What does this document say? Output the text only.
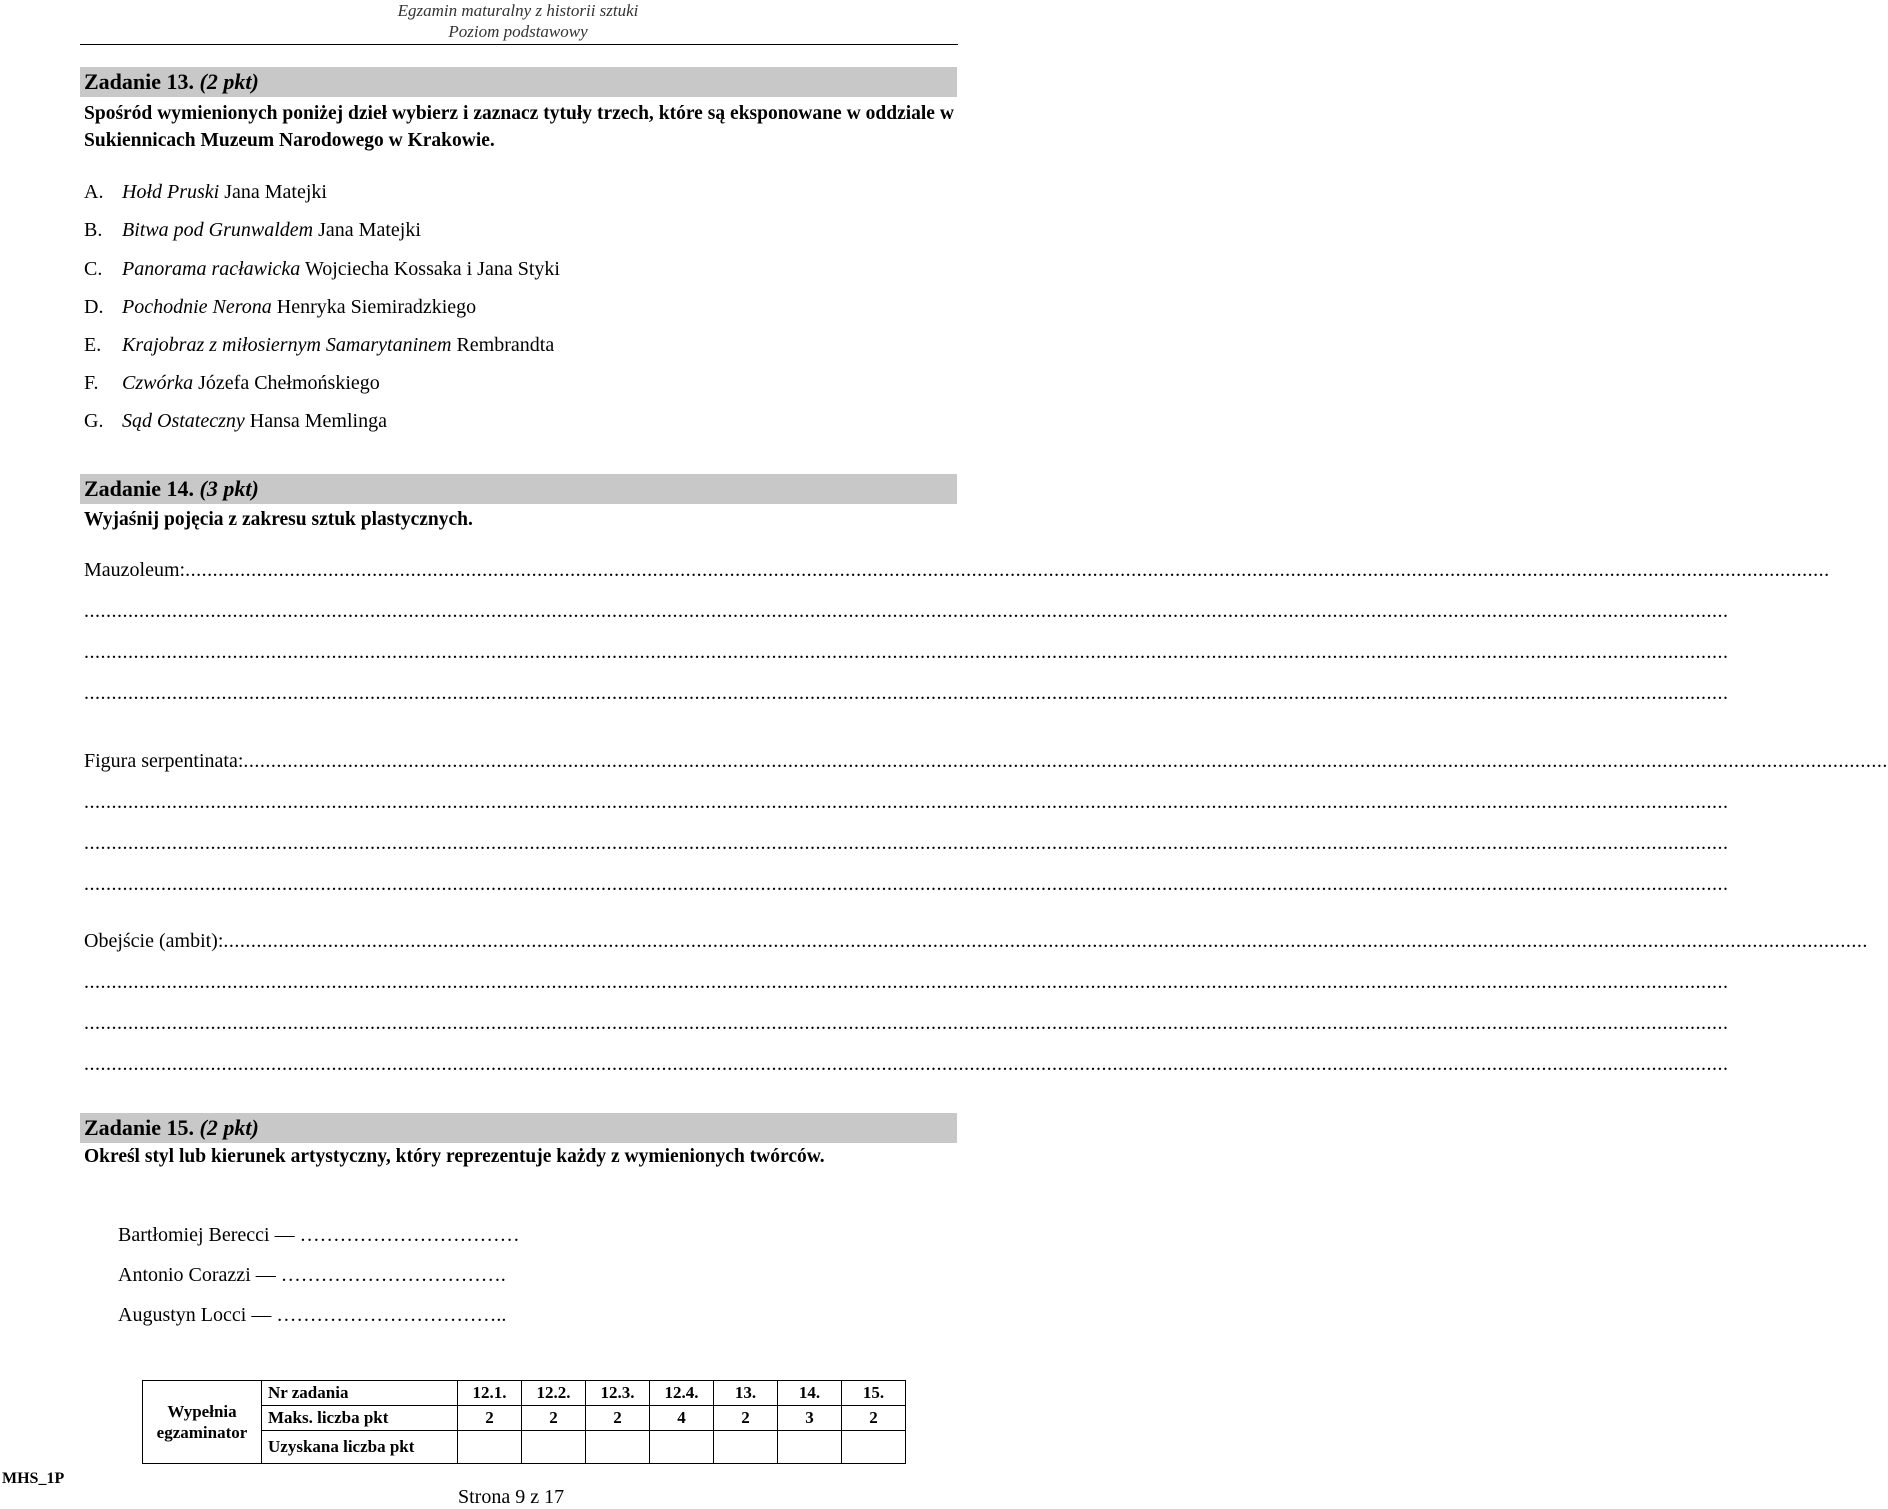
Egzamin maturalny z historii sztuki
Poziom podstawowy
Zadanie 13. (2 pkt)
Spośród wymienionych poniżej dzieł wybierz i zaznacz tytuły trzech, które są eksponowane w oddziale w Sukiennicach Muzeum Narodowego w Krakowie.
A. Hołd Pruski Jana Matejki
B. Bitwa pod Grunwaldem Jana Matejki
C. Panorama racławicka Wojciecha Kossaka i Jana Styki
D. Pochodnie Nerona Henryka Siemiradzkiego
E. Krajobraz z miłosiernym Samarytaninem Rembrandta
F. Czwórka Józefa Chełmońskiego
G. Sąd Ostateczny Hansa Memlinga
Zadanie 14. (3 pkt)
Wyjaśnij pojęcia z zakresu sztuk plastycznych.
Mauzoleum:...........................................................................................................................................................................................................................................................................................................
...........................................................................................................................................................................................................................................................................................................
...........................................................................................................................................................................................................................................................................................................
...........................................................................................................................................................................................................................................................................................................
Figura serpentinata:...........................................................................................................................................................................................................................................................................................................
...........................................................................................................................................................................................................................................................................................................
...........................................................................................................................................................................................................................................................................................................
...........................................................................................................................................................................................................................................................................................................
Obejście (ambit):...........................................................................................................................................................................................................................................................................................................
...........................................................................................................................................................................................................................................................................................................
...........................................................................................................................................................................................................................................................................................................
...........................................................................................................................................................................................................................................................................................................
Zadanie 15. (2 pkt)
Określ styl lub kierunek artystyczny, który reprezentuje każdy z wymienionych twórców.
Bartłomiej Berecci — ……………………………
Antonio Corazzi — …………………………….
Augustyn Locci — ……………………………..
Wypełnia egzaminator	Nr zadania	12.1.	12.2.	12.3.	12.4.	13.	14.	15.
	Maks. liczba pkt	2	2	2	4	2	3	2
	Uzyskana liczba pkt							
MHS_1P
Strona 9 z 17
